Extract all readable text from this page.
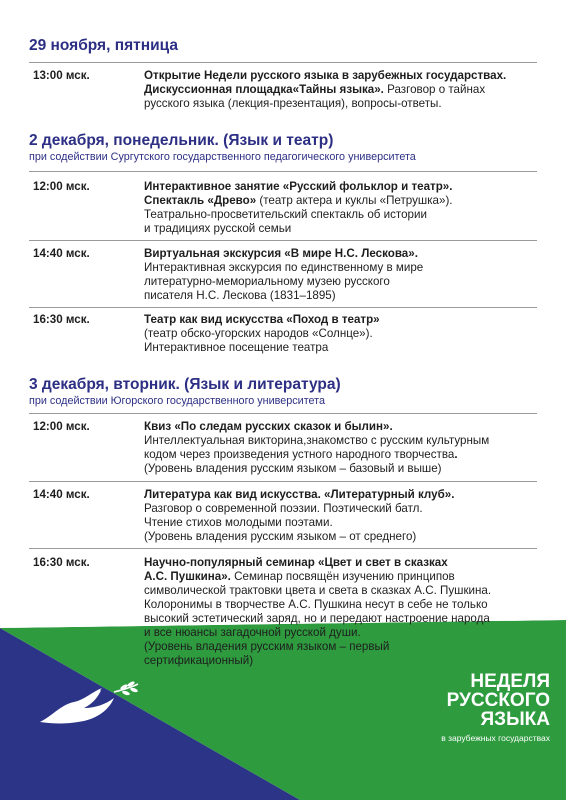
29 ноября, пятница
13:00 мск.	Открытие Недели русского языка в зарубежных государствах.
Дискуссионная площадка«Тайны языка». Разговор о тайнах
русского языка (лекция-презентация), вопросы-ответы.
2 декабря, понедельник. (Язык и театр)
при содействии Сургутского государственного педагогического университета
12:00 мск.	Интерактивное занятие «Русский фольклор и театр».
Спектакль «Древо» (театр актера и куклы «Петрушка»).
Театрально-просветительский спектакль об истории
и традициях русской семьи
14:40 мск.	Виртуальная экскурсия «В мире Н.С. Лескова».
Интерактивная экскурсия по единственному в мире
литературно-мемориальному музею русского
писателя Н.С. Лескова (1831–1895)
16:30 мск.	Театр как вид искусства «Поход в театр»
(театр обско-угорских народов «Солнце»).
Интерактивное посещение театра
3 декабря, вторник. (Язык и литература)
при содействии Югорского государственного университета
12:00 мск.	Квиз «По следам русских сказок и былин».
Интеллектуальная викторина,знакомство с русским культурным
кодом через произведения устного народного творчества.
(Уровень владения русским языком – базовый и выше)
14:40 мск.	Литература как вид искусства. «Литературный клуб».
Разговор о современной поэзии. Поэтический батл.
Чтение стихов молодыми поэтами.
(Уровень владения русским языком – от среднего)
16:30 мск.	Научно-популярный семинар «Цвет и свет в сказках
А.С. Пушкина». Семинар посвящён изучению принципов
символической трактовки цвета и света в сказках А.С. Пушкина.
Колоронимы в творчестве А.С. Пушкина несут в себе не только
высокий эстетический заряд, но и передают настроение народа
и все нюансы загадочной русской души.
(Уровень владения русским языком – первый
сертификационный)
НЕДЕЛЯ
РУССКОГО
ЯЗЫКА
в зарубежных государствах
